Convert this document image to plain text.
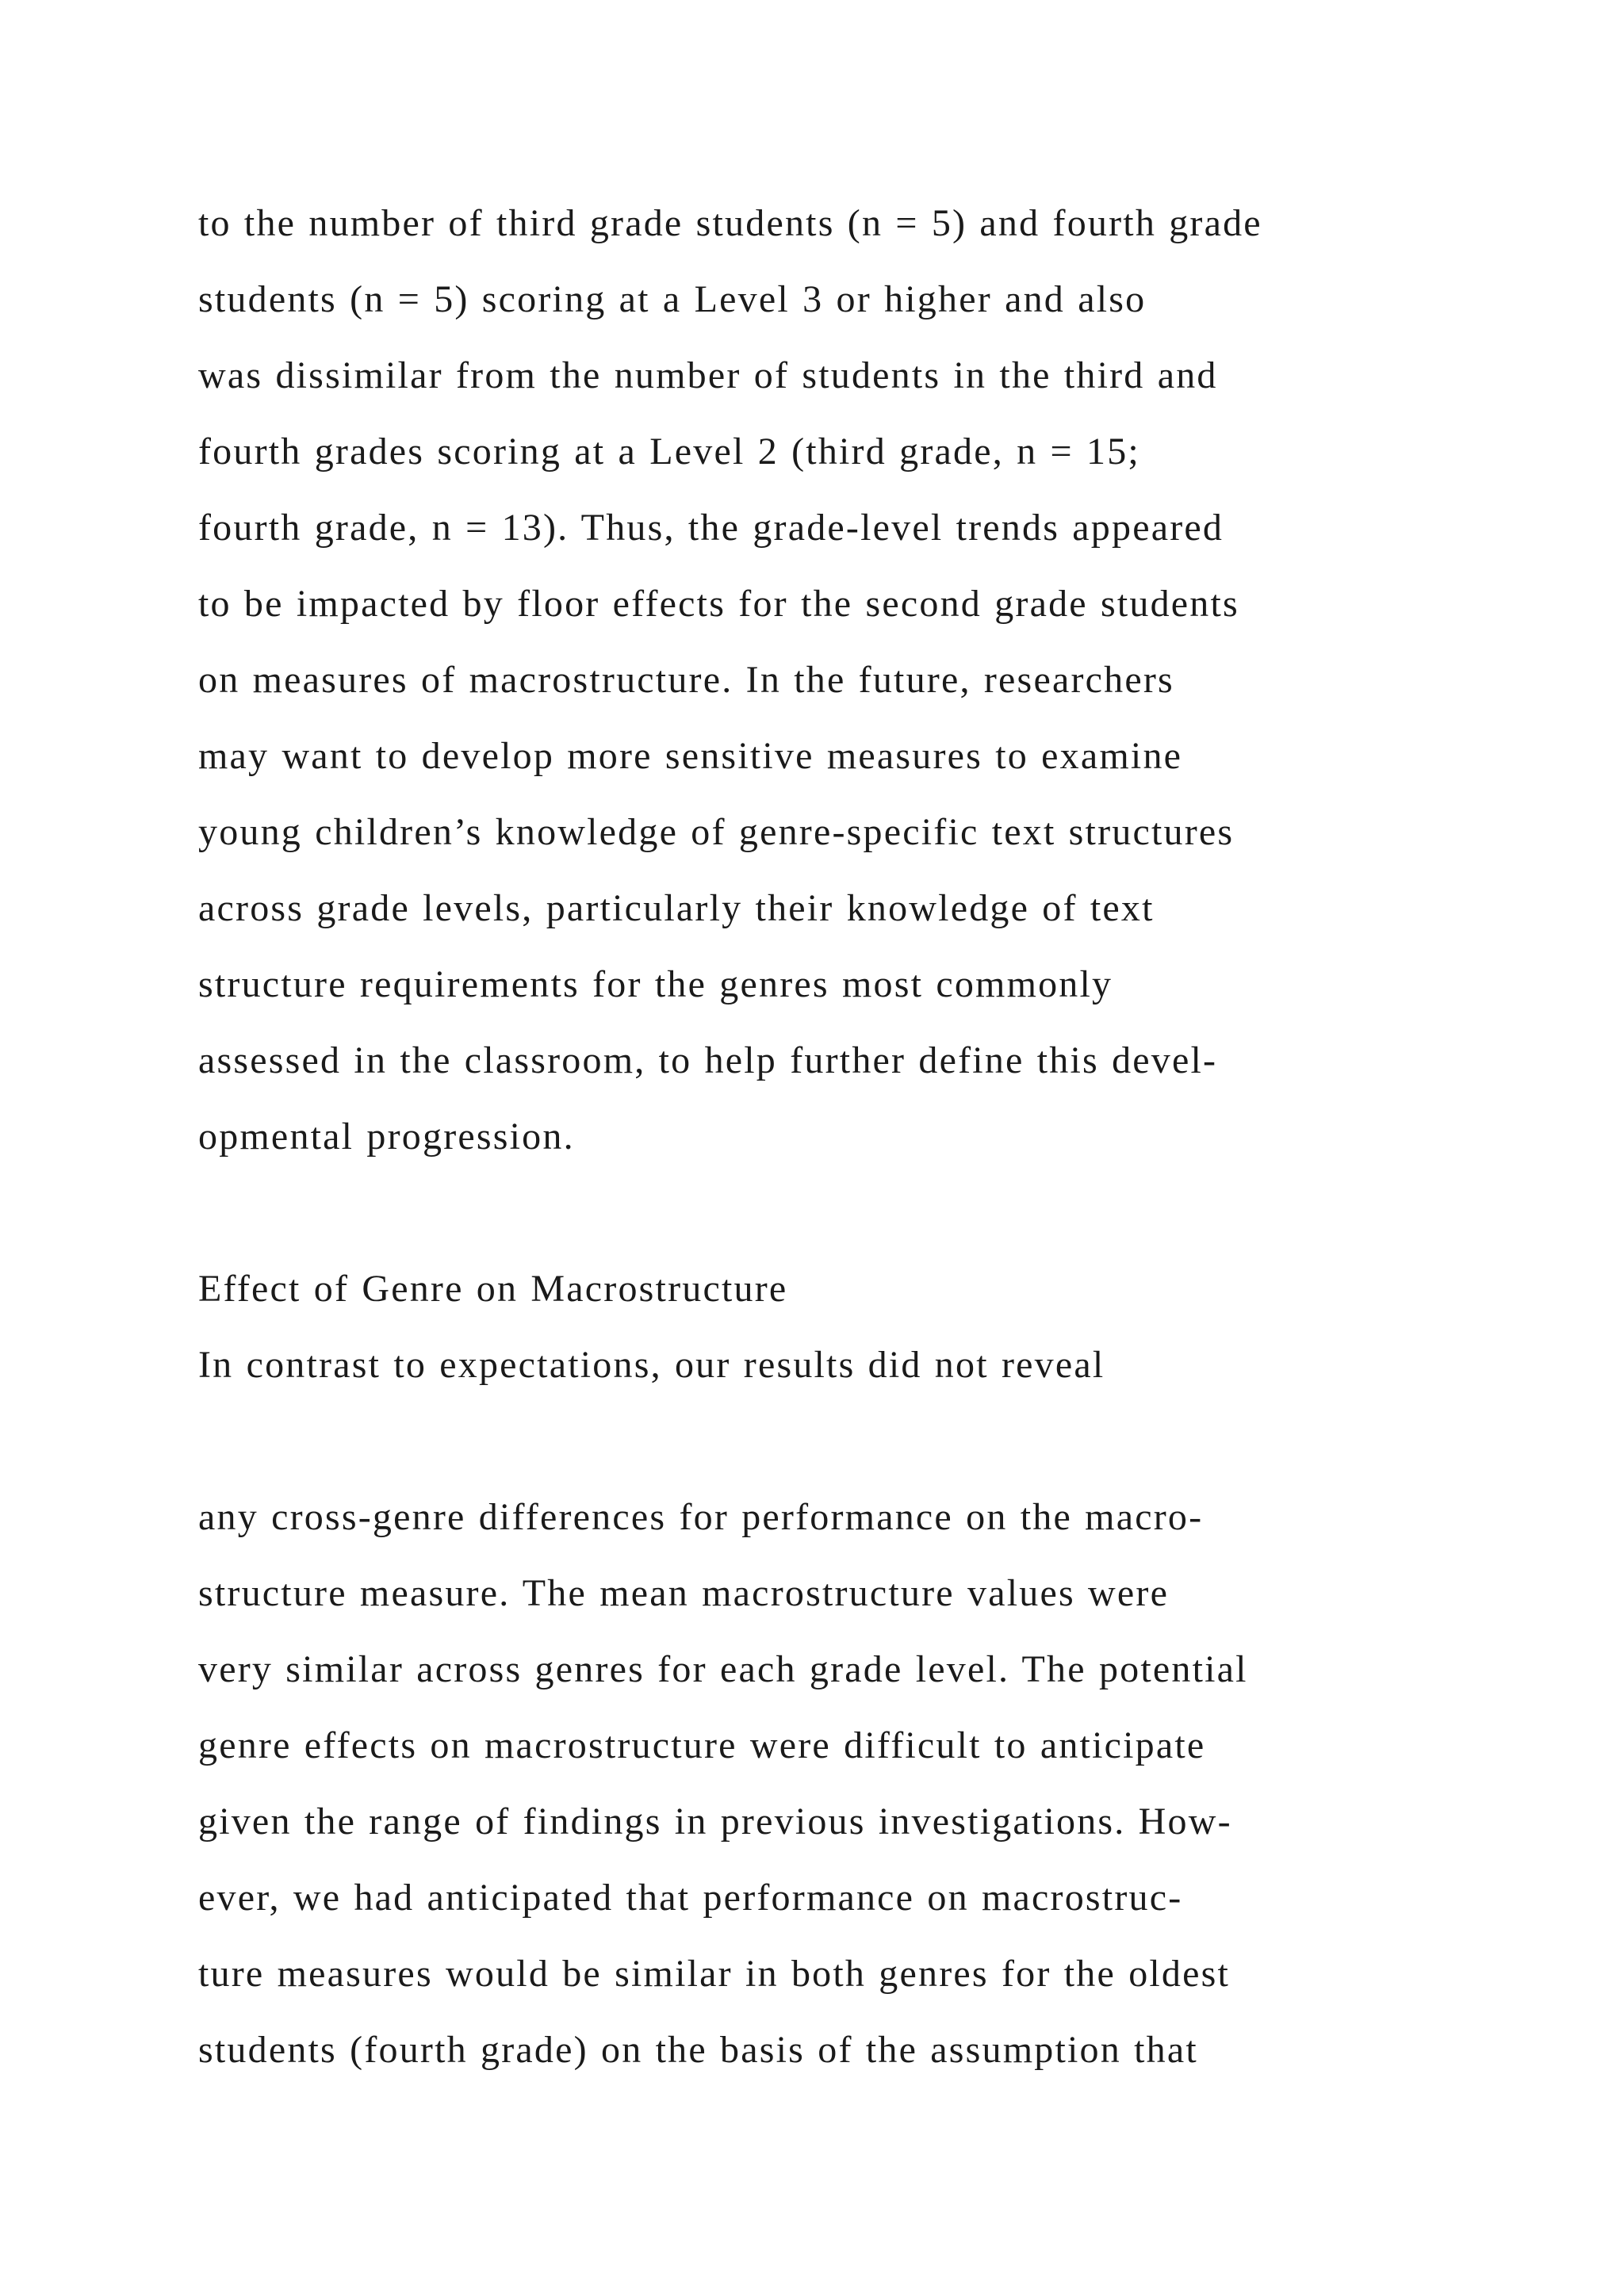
to the number of third grade students (n = 5) and fourth grade
students (n = 5) scoring at a Level 3 or higher and also
was dissimilar from the number of students in the third and
fourth grades scoring at a Level 2 (third grade, n = 15;
fourth grade, n = 13). Thus, the grade-level trends appeared
to be impacted by floor effects for the second grade students
on measures of macrostructure. In the future, researchers
may want to develop more sensitive measures to examine
young children’s knowledge of genre-specific text structures
across grade levels, particularly their knowledge of text
structure requirements for the genres most commonly
assessed in the classroom, to help further define this devel-
opmental progression.
Effect of Genre on Macrostructure
In contrast to expectations, our results did not reveal
any cross-genre differences for performance on the macro-
structure measure. The mean macrostructure values were
very similar across genres for each grade level. The potential
genre effects on macrostructure were difficult to anticipate
given the range of findings in previous investigations. How-
ever, we had anticipated that performance on macrostruc-
ture measures would be similar in both genres for the oldest
students (fourth grade) on the basis of the assumption that
